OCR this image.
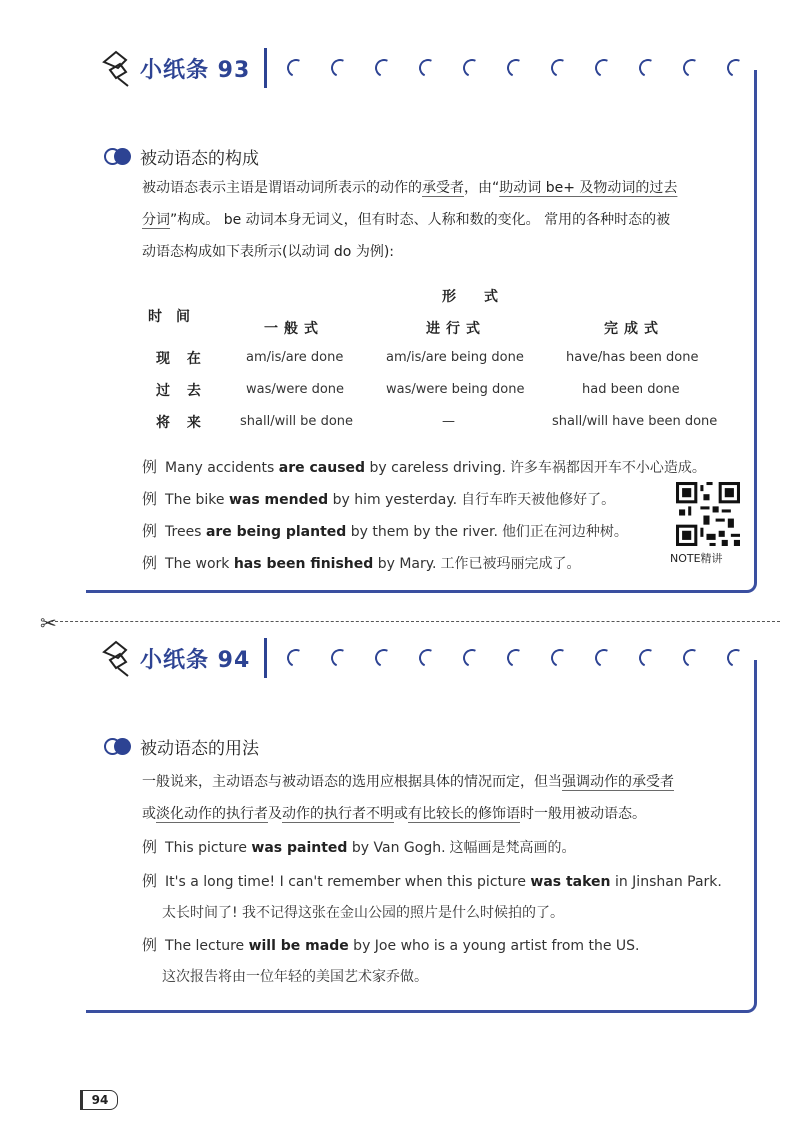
小纸条 93
被动语态的构成
被动语态表示主语是谓语动词所表示的动作的承受者，由“助动词 be+ 及物动词的过去
分词”构成。 be 动词本身无词义，但有时态、人称和数的变化。 常用的各种时态的被
动语态构成如下表所示(以动词 do 为例):
时　间
形　　式
一般式	进行式	完成式
现 在	am/is/are done	am/is/are being done	have/has been done
过 去	was/were done	was/were being done	had been done
将 来	shall/will be done	—	shall/will have been done
例 Many accidents are caused by careless driving. 许多车祸都因开车不小心造成。
例 The bike was mended by him yesterday. 自行车昨天被他修好了。
例 Trees are being planted by them by the river. 他们正在河边种树。
例 The work has been finished by Mary. 工作已被玛丽完成了。	NOTE精讲
✂
小纸条 94
被动语态的用法
一般说来，主动语态与被动语态的选用应根据具体的情况而定，但当强调动作的承受者
或淡化动作的执行者及动作的执行者不明或有比较长的修饰语时一般用被动语态。
例 This picture was painted by Van Gogh. 这幅画是梵高画的。
例 It's a long time! I can't remember when this picture was taken in Jinshan Park.
太长时间了! 我不记得这张在金山公园的照片是什么时候拍的了。
例 The lecture will be made by Joe who is a young artist from the US.
这次报告将由一位年轻的美国艺术家乔做。
94
